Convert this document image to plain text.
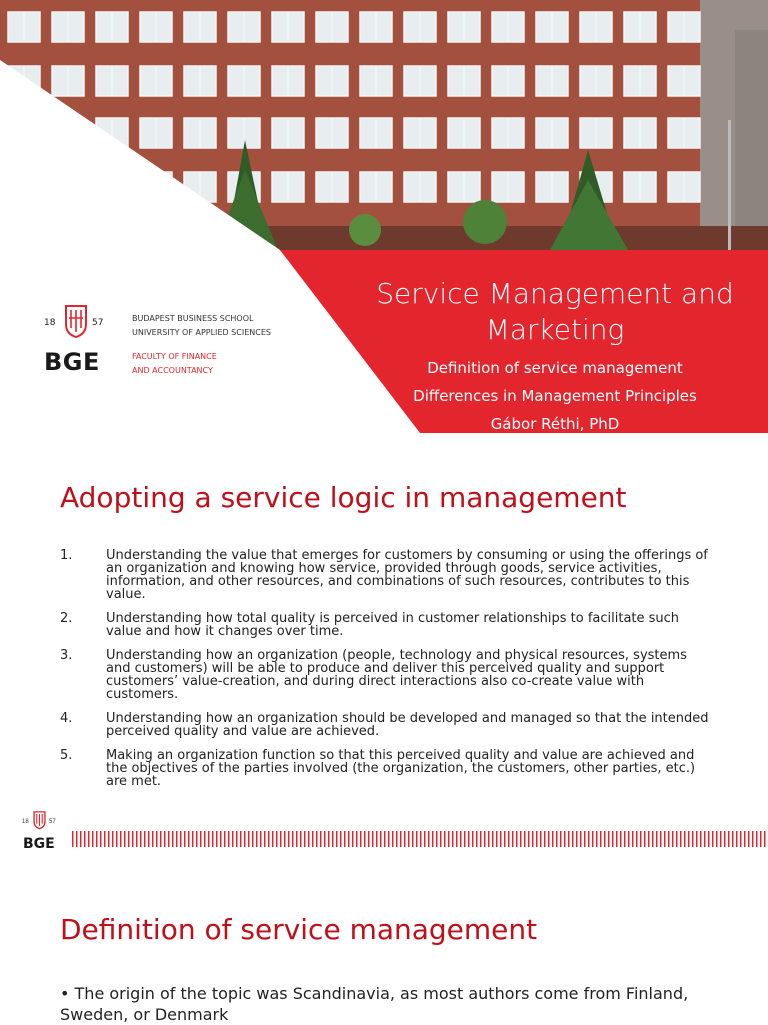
Service Management and Marketing
Definition of service management
Differences in Management Principles
Gábor Réthi, PhD
18	57
BGE
BUDAPEST BUSINESS SCHOOL
UNIVERSITY OF APPLIED SCIENCES
FACULTY OF FINANCE
AND ACCOUNTANCY
Adopting a service logic in management
1.	Understanding the value that emerges for customers by consuming or using the offerings of an organization and knowing how service, provided through goods, service activities, information, and other resources, and combinations of such resources, contributes to this value.
2.	Understanding how total quality is perceived in customer relationships to facilitate such value and how it changes over time.
3.	Understanding how an organization (people, technology and physical resources, systems and customers) will be able to produce and deliver this perceived quality and support customers’ value-creation, and during direct interactions also co-create value with customers.
4.	Understanding how an organization should be developed and managed so that the intended perceived quality and value are achieved.
5.	Making an organization function so that this perceived quality and value are achieved and the objectives of the parties involved (the organization, the customers, other parties, etc.) are met.
18	57
BGE
Definition of service management
• The origin of the topic was Scandinavia, as most authors come from Finland, Sweden, or Denmark
